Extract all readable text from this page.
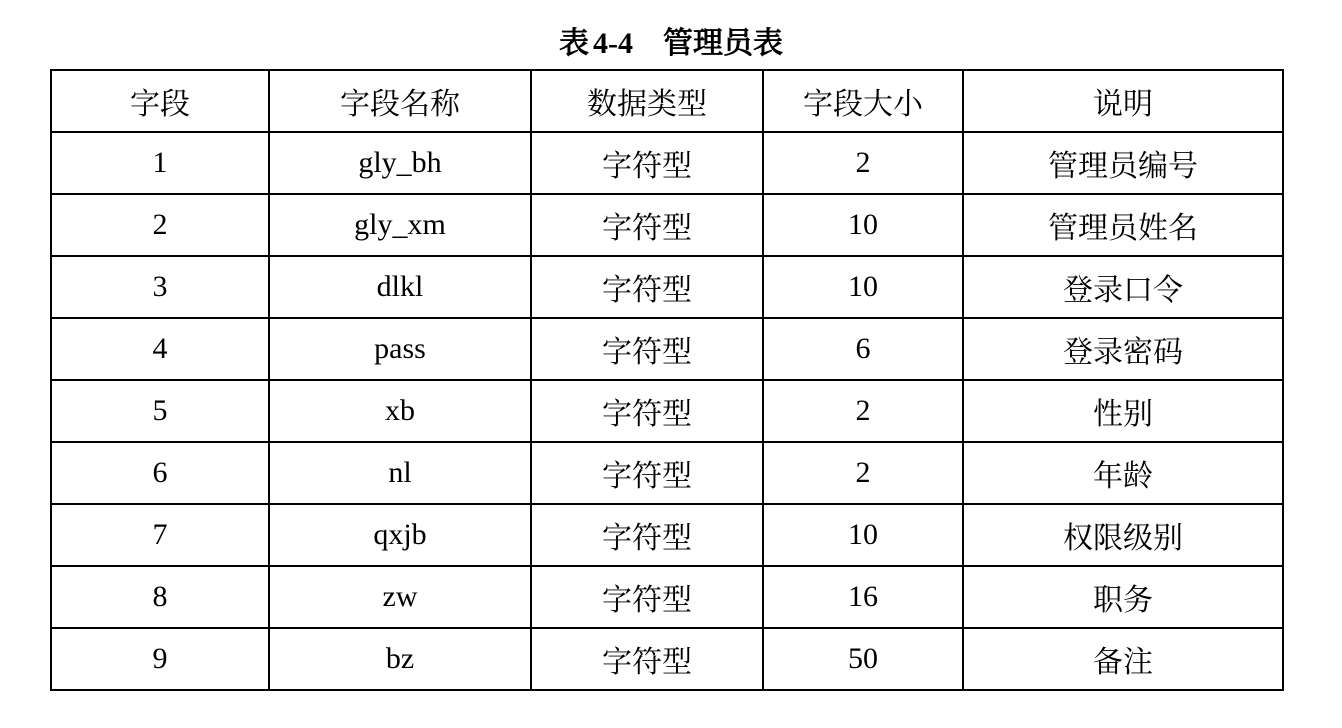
表 4-4 管理员表
字段	字段名称	数据类型	字段大小	说明
1	gly_bh	字符型	2	管理员编号
2	gly_xm	字符型	10	管理员姓名
3	dlkl	字符型	10	登录口令
4	pass	字符型	6	登录密码
5	xb	字符型	2	性别
6	nl	字符型	2	年龄
7	qxjb	字符型	10	权限级别
8	zw	字符型	16	职务
9	bz	字符型	50	备注
